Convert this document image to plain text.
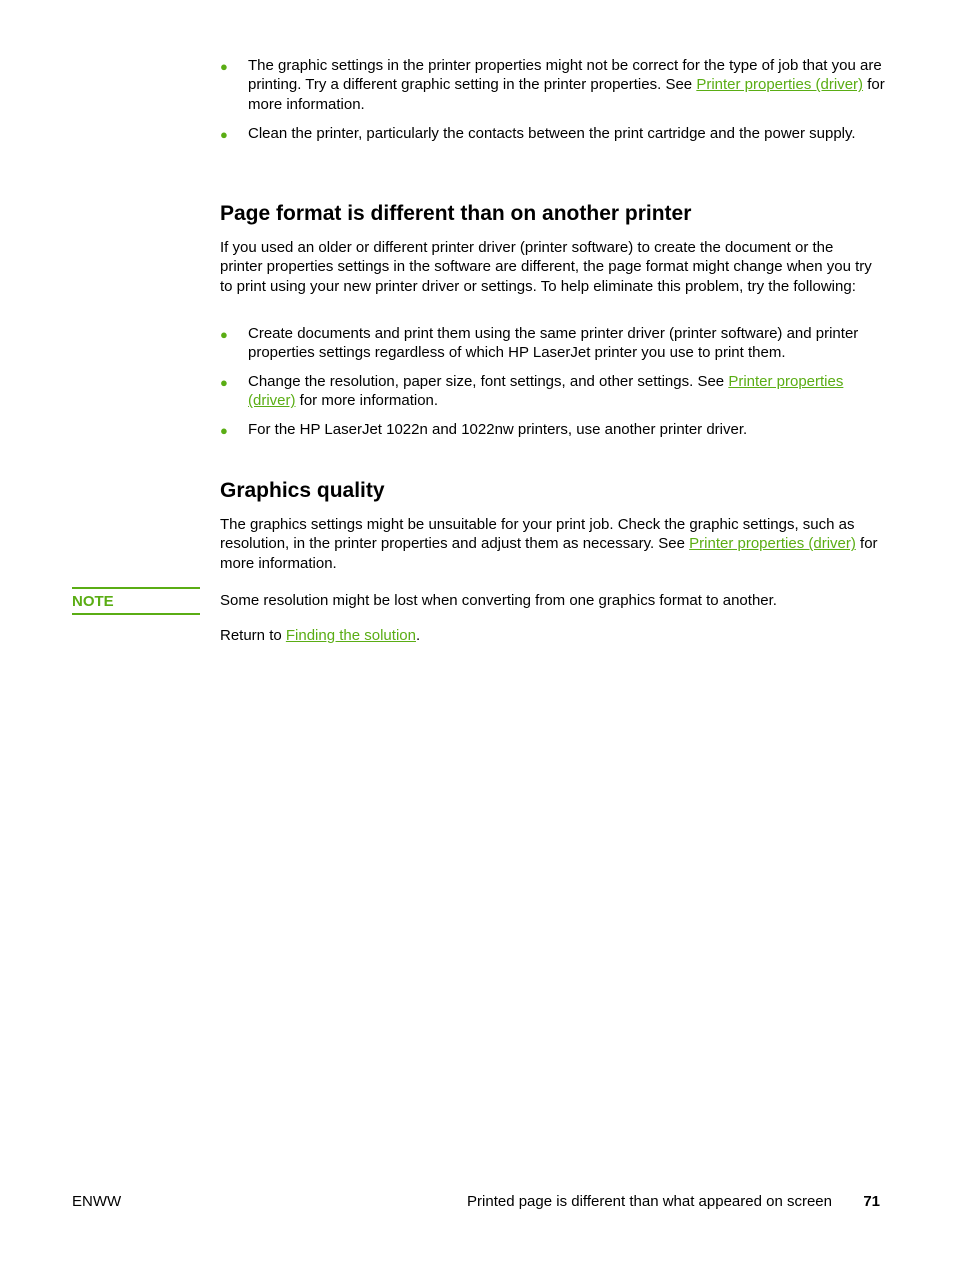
● The graphic settings in the printer properties might not be correct for the type of job that you are printing. Try a different graphic setting in the printer properties. See Printer properties (driver) for more information.
● Clean the printer, particularly the contacts between the print cartridge and the power supply.
Page format is different than on another printer
If you used an older or different printer driver (printer software) to create the document or the printer properties settings in the software are different, the page format might change when you try to print using your new printer driver or settings. To help eliminate this problem, try the following:
● Create documents and print them using the same printer driver (printer software) and printer properties settings regardless of which HP LaserJet printer you use to print them.
● Change the resolution, paper size, font settings, and other settings. See Printer properties (driver) for more information.
● For the HP LaserJet 1022n and 1022nw printers, use another printer driver.
Graphics quality
The graphics settings might be unsuitable for your print job. Check the graphic settings, such as resolution, in the printer properties and adjust them as necessary. See Printer properties (driver) for more information.
NOTE	Some resolution might be lost when converting from one graphics format to another.
Return to Finding the solution.
ENWW	Printed page is different than what appeared on screen 71
